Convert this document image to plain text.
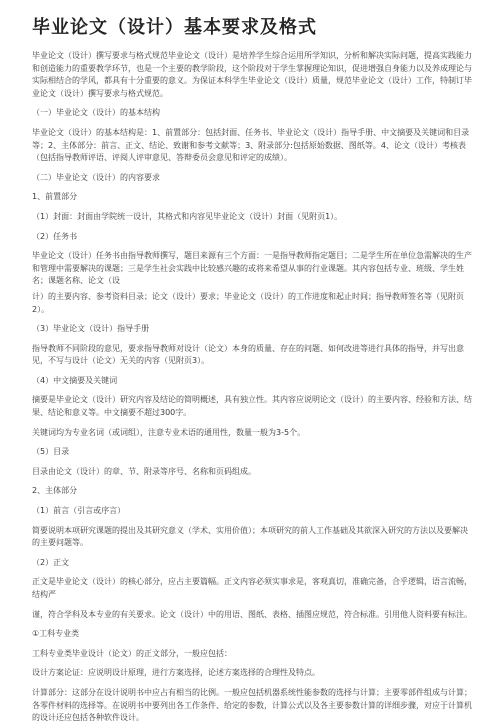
毕业论文（设计）基本要求及格式

毕业论文（设计）撰写要求与格式规范毕业论文（设计）是培养学生综合运用所学知识，分析和解决实际问题，提高实践能力和创造能力的重要教学环节，也是一个主要的教学阶段，这个阶段对于学生掌握理论知识，促进增强自身能力以及养成理论与实际相结合的学风，都具有十分重要的意义。为保证本科学生毕业论文（设计）质量，规范毕业论文（设计）工作，特制订毕业论文（设计）撰写要求与格式规范。

（一）毕业论文（设计）的基本结构

毕业论文（设计）的基本结构是：1、前置部分：包括封面、任务书、毕业论文（设计）指导手册、中文摘要及关键词和目录等；2、主体部分：前言、正文、结论、致谢和参考文献等；3、附录部分:包括原始数据、图纸等。4、论文（设计）考核表（包括指导教师评语、评阅人评审意见、答辩委员会意见和评定的成绩）。

（二）毕业论文（设计）的内容要求

1、前置部分

（1）封面：封面由学院统一设计，其格式和内容见毕业论文（设计）封面（见附页1）。

（2）任务书

毕业论文（设计）任务书由指导教师撰写，题目来源有三个方面：一是指导教师指定题目；二是学生所在单位急需解决的生产和管理中需要解决的课题；三是学生社会实践中比较感兴趣的或将来希望从事的行业课题。其内容包括专业、班级、学生姓名；课题名称、论文（设

计）的主要内容、参考资料目录；论文（设计）要求；毕业论文（设计）的工作进度和起止时间；指导教师签名等（见附页2）。

（3）毕业论文（设计）指导手册

指导教师不同阶段的意见，要求指导教师对设计（论文）本身的质量、存在的问题、如何改进等进行具体的指导，并写出意见，不写与设计（论文）无关的内容（见附页3）。

（4）中文摘要及关键词

摘要是毕业论文（设计）研究内容及结论的简明概述，具有独立性。其内容应说明论文（设计）的主要内容、经验和方法、结果、结论和意义等。中文摘要不超过300字。

关键词均为专业名词（或词组），注意专业术语的通用性，数量一般为3-5个。

（5）目录

目录由论文（设计）的章、节、附录等序号、名称和页码组成。

2、主体部分

（1）前言（引言或序言）

简要说明本项研究课题的提出及其研究意义（学术、实用价值）；本项研究的前人工作基础及其欲深入研究的方法以及要解决的主要问题等。

（2）正文

正文是毕业论文（设计）的核心部分，应占主要篇幅。正文内容必须实事求是，客观真切，准确完备，合乎逻辑，语言流畅，结构严

谨，符合学科及本专业的有关要求。论文（设计）中的用语、图纸、表格、插图应规范，符合标准。引用他人资料要有标注。

①工科专业类

工科专业类毕业设计（论文）的正文部分，一般应包括：

设计方案论证：应说明设计原理，进行方案选择，论述方案选择的合理性及特点。

计算部分：这部分在设计说明书中应占有相当的比例。一般应包括机器系统性能参数的选择与计算；主要零部件组成与计算；各零件材料的选择等。在说明书中要列出各工作条件、给定的参数，计算公式以及各主要参数计算的详细步骤，对应于计算机的设计还应包括各种软件设计。
